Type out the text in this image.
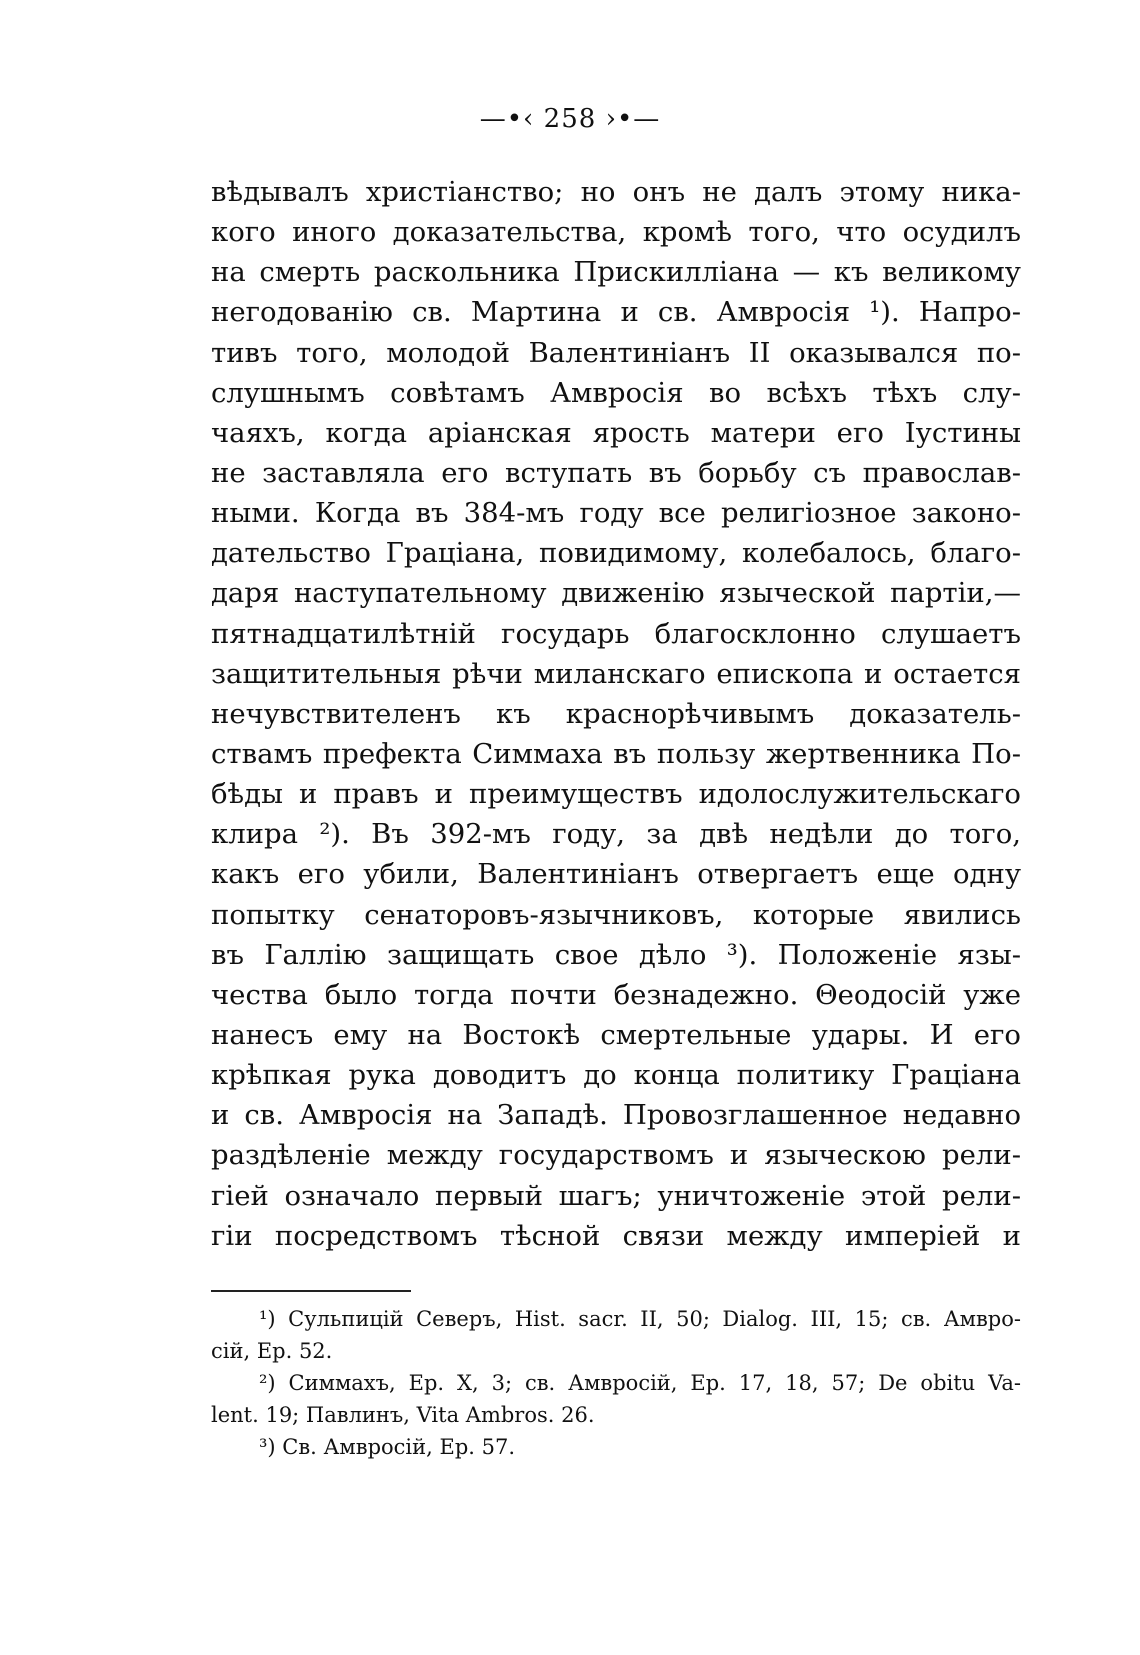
—•‹ 258 ›•—
вѣдывалъ христіанство; но онъ не далъ этому ника-
кого иного доказательства, кромѣ того, что осудилъ
на смерть раскольника Прискилліана — къ великому
негодованію св. Мартина и св. Амвросія ¹). Напро-
тивъ того, молодой Валентиніанъ II оказывался по-
слушнымъ совѣтамъ Амвросія во всѣхъ тѣхъ слу-
чаяхъ, когда аріанская ярость матери его Іустины
не заставляла его вступать въ борьбу съ православ-
ными. Когда въ 384-мъ году все религіозное законо-
дательство Граціана, повидимому, колебалось, благо-
даря наступательному движенію языческой партіи,—
пятнадцатилѣтній государь благосклонно слушаетъ
защитительныя рѣчи миланскаго епископа и остается
нечувствителенъ къ краснорѣчивымъ доказатель-
ствамъ префекта Симмаха въ пользу жертвенника По-
бѣды и правъ и преимуществъ идолослужительскаго
клира ²). Въ 392-мъ году, за двѣ недѣли до того,
какъ его убили, Валентиніанъ отвергаетъ еще одну
попытку сенаторовъ-язычниковъ, которые явились
въ Галлію защищать свое дѣло ³). Положеніе язы-
чества было тогда почти безнадежно. Θеодосій уже
нанесъ ему на Востокѣ смертельные удары. И его
крѣпкая рука доводитъ до конца политику Граціана
и св. Амвросія на Западѣ. Провозглашенное недавно
раздѣленіе между государствомъ и языческою рели-
гіей означало первый шагъ; уничтоженіе этой рели-
гіи посредствомъ тѣсной связи между имперіей и
¹) Сульпицій Северъ, Hist. sacr. II, 50; Dialog. III, 15; св. Амвро-
сій, Ep. 52.
²) Симмахъ, Ep. X, 3; св. Амвросій, Ep. 17, 18, 57; De obitu Va-
lent. 19; Павлинъ, Vita Ambros. 26.
³) Св. Амвросій, Ep. 57.
